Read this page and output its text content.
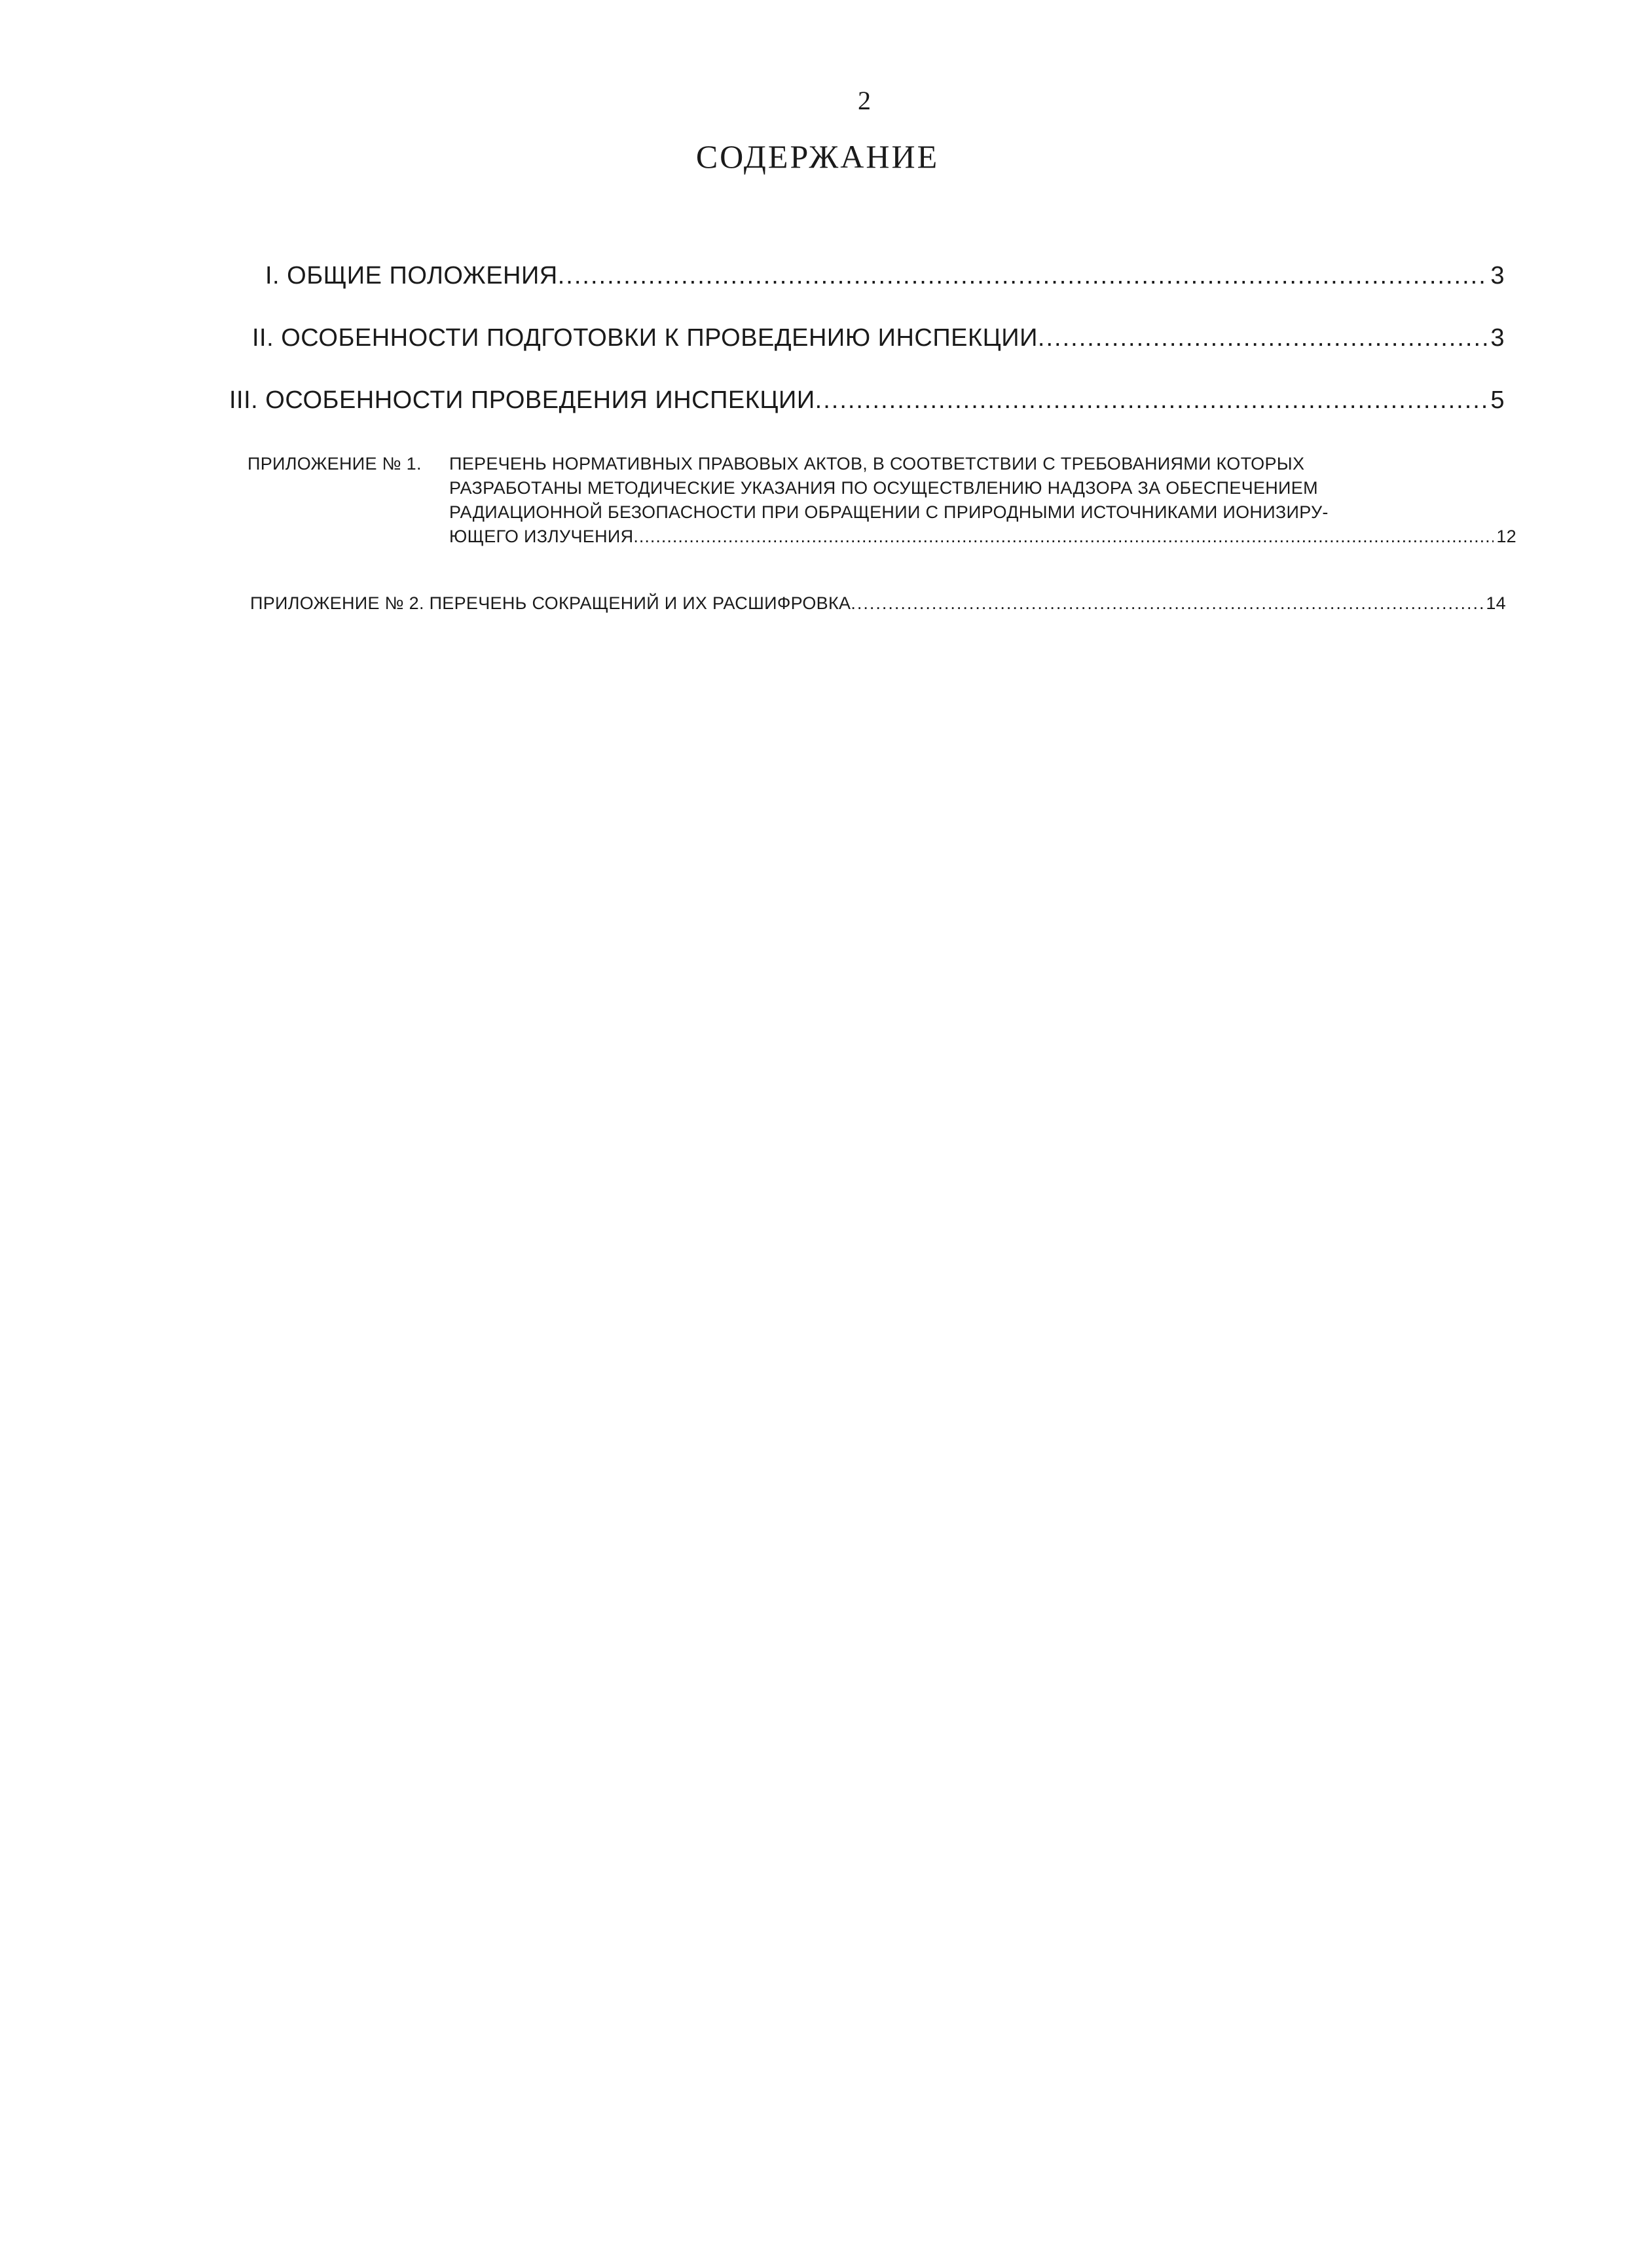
2
СОДЕРЖАНИЕ
I. ОБЩИЕ ПОЛОЖЕНИЯ .....	3
II. ОСОБЕННОСТИ ПОДГОТОВКИ К ПРОВЕДЕНИЮ ИНСПЕКЦИИ .....	3
III. ОСОБЕННОСТИ ПРОВЕДЕНИЯ ИНСПЕКЦИИ .....	5
ПРИЛОЖЕНИЕ № 1. ПЕРЕЧЕНЬ НОРМАТИВНЫХ ПРАВОВЫХ АКТОВ, В СООТВЕТСТВИИ С ТРЕБОВАНИЯМИ КОТОРЫХ
РАЗРАБОТАНЫ МЕТОДИЧЕСКИЕ УКАЗАНИЯ ПО ОСУЩЕСТВЛЕНИЮ НАДЗОРА ЗА ОБЕСПЕЧЕНИЕМ
РАДИАЦИОННОЙ БЕЗОПАСНОСТИ ПРИ ОБРАЩЕНИИ С ПРИРОДНЫМИ ИСТОЧНИКАМИ ИОНИЗИРУ-
ЮЩЕГО ИЗЛУЧЕНИЯ .....	12
ПРИЛОЖЕНИЕ № 2. ПЕРЕЧЕНЬ СОКРАЩЕНИЙ И ИХ РАСШИФРОВКА .....	14
